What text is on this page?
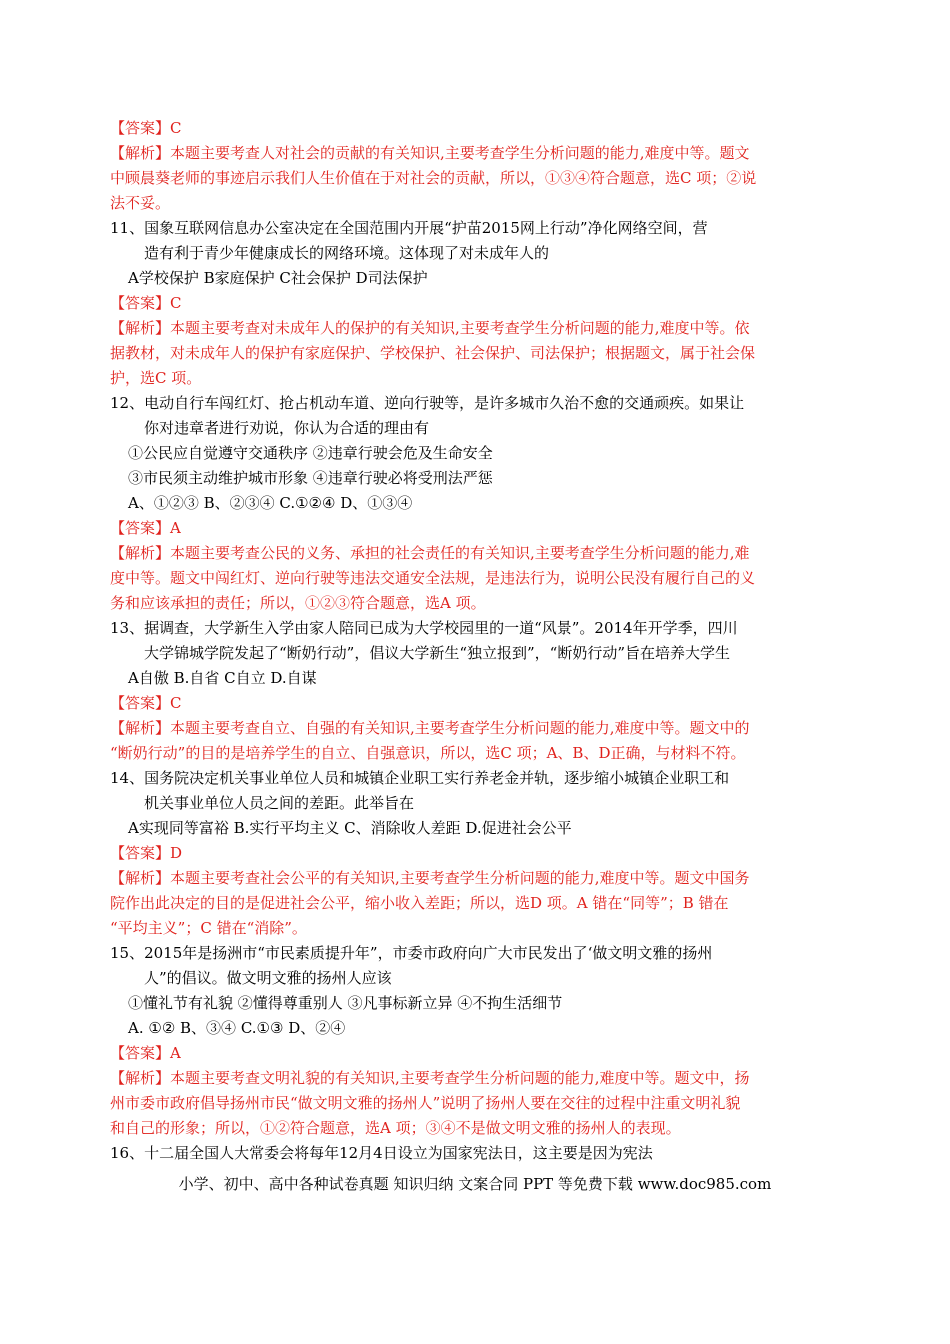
【答案】C
【解析】本题主要考查人对社会的贡献的有关知识,主要考查学生分析问题的能力,难度中等。题文
中顾晨葵老师的事迹启示我们人生价值在于对社会的贡献，所以，①③④符合题意，选C 项；②说
法不妥。
11、国象互联网信息办公室决定在全国范围内开展“护苗2015网上行动”净化网络空间，营
造有利于青少年健康成长的网络环境。这体现了对未成年人的
A学校保护 B家庭保护 C社会保护 D司法保护
【答案】C
【解析】本题主要考查对未成年人的保护的有关知识,主要考查学生分析问题的能力,难度中等。依
据教材，对未成年人的保护有家庭保护、学校保护、社会保护、司法保护；根据题文，属于社会保
护，选C 项。
12、电动自行车闯红灯、抢占机动车道、逆向行驶等，是许多城市久治不愈的交通顽疾。如果让
你对违章者进行劝说，你认为合适的理由有
①公民应自觉遵守交通秩序 ②违章行驶会危及生命安全
③市民须主动维护城市形象 ④违章行驶必将受刑法严惩
A、①②③ B、②③④ C.①②④ D、①③④
【答案】A
【解析】本题主要考查公民的义务、承担的社会责任的有关知识,主要考查学生分析问题的能力,难
度中等。题文中闯红灯、逆向行驶等违法交通安全法规，是违法行为，说明公民没有履行自己的义
务和应该承担的责任；所以，①②③符合题意，选A 项。
13、据调查，大学新生入学由家人陪同已成为大学校园里的一道“风景”。2014年开学季，四川
大学锦城学院发起了“断奶行动”，倡议大学新生“独立报到”，“断奶行动”旨在培养大学生
A自傲 B.自省 C自立 D.自谋
【答案】C
【解析】本题主要考查自立、自强的有关知识,主要考查学生分析问题的能力,难度中等。题文中的
“断奶行动”的目的是培养学生的自立、自强意识，所以，选C 项；A、B、D正确，与材料不符。
14、国务院决定机关事业单位人员和城镇企业职工实行养老金并轨，逐步缩小城镇企业职工和
机关事业单位人员之间的差距。此举旨在
A实现同等富裕 B.实行平均主义 C、消除收人差距 D.促进社会公平
【答案】D
【解析】本题主要考查社会公平的有关知识,主要考查学生分析问题的能力,难度中等。题文中国务
院作出此决定的目的是促进社会公平，缩小收入差距；所以，选D 项。A 错在“同等”；B 错在
“平均主义”；C 错在“消除”。
15、2015年是扬洲市“市民素质提升年”，市委市政府向广大市民发出了‘做文明文雅的扬州
人”的倡议。做文明文雅的扬州人应该
①懂礼节有礼貌 ②懂得尊重别人 ③凡事标新立异 ④不拘生活细节
A. ①② B、③④ C.①③ D、②④
【答案】A
【解析】本题主要考查文明礼貌的有关知识,主要考查学生分析问题的能力,难度中等。题文中，扬
州市委市政府倡导扬州市民“做文明文雅的扬州人”说明了扬州人要在交往的过程中注重文明礼貌
和自己的形象；所以，①②符合题意，选A 项；③④不是做文明文雅的扬州人的表现。
16、十二届全国人大常委会将每年12月4日设立为国家宪法日，这主要是因为宪法
小学、初中、高中各种试卷真题 知识归纳 文案合同 PPT 等免费下载 www.doc985.com
